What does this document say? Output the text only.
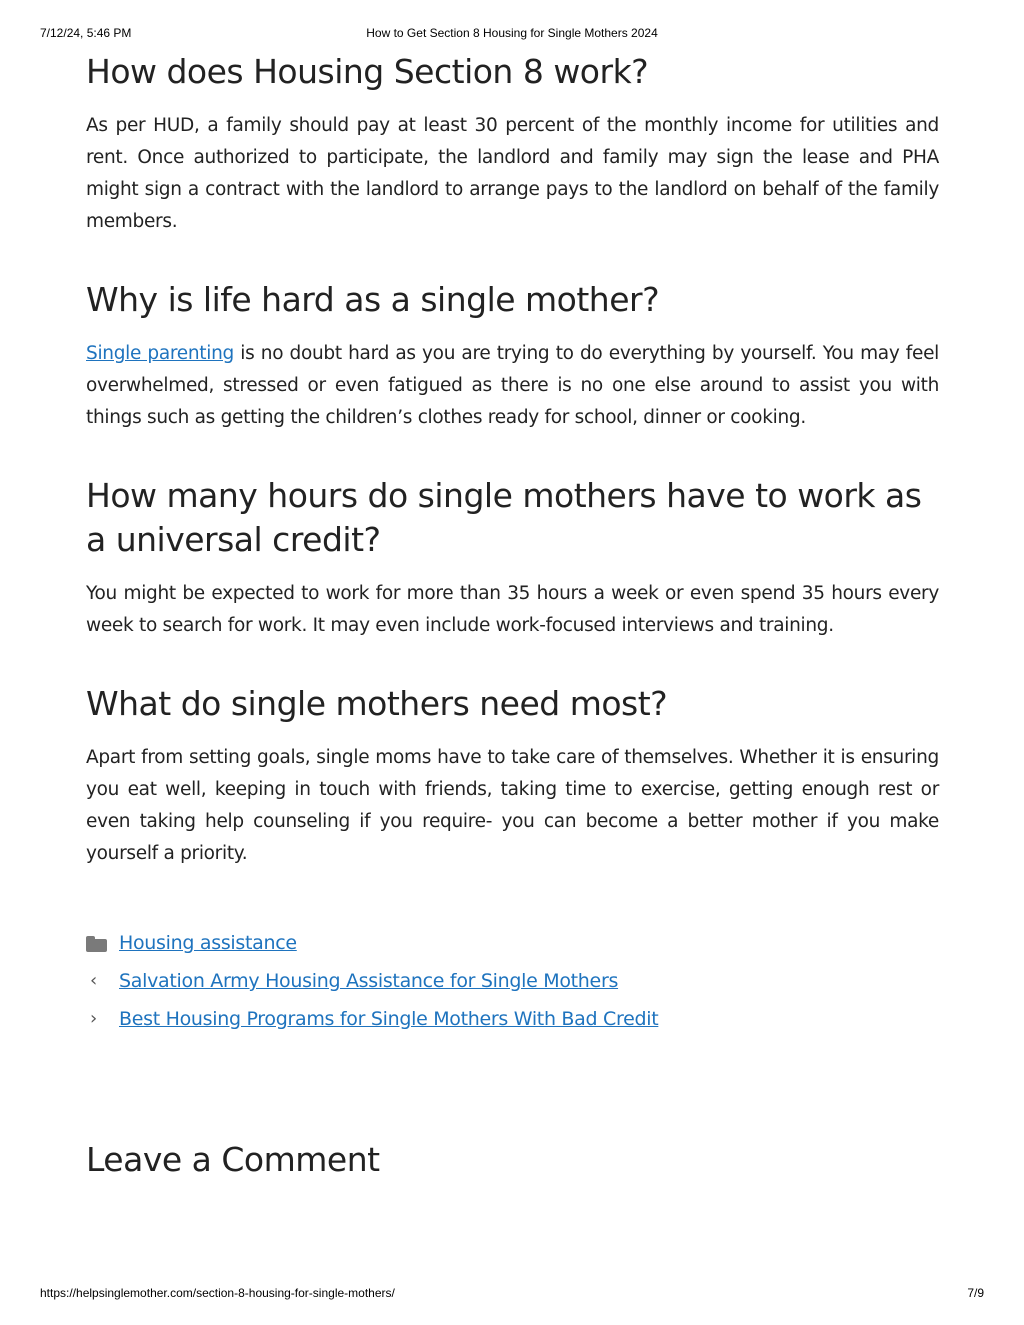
7/12/24, 5:46 PM	How to Get Section 8 Housing for Single Mothers 2024
How does Housing Section 8 work?

As per HUD, a family should pay at least 30 percent of the monthly income for utilities and rent. Once authorized to participate, the landlord and family may sign the lease and PHA might sign a contract with the landlord to arrange pays to the landlord on behalf of the family members.

Why is life hard as a single mother?

Single parenting is no doubt hard as you are trying to do everything by yourself. You may feel overwhelmed, stressed or even fatigued as there is no one else around to assist you with things such as getting the children’s clothes ready for school, dinner or cooking.

How many hours do single mothers have to work as a universal credit?

You might be expected to work for more than 35 hours a week or even spend 35 hours every week to search for work. It may even include work-focused interviews and training.

What do single mothers need most?

Apart from setting goals, single moms have to take care of themselves. Whether it is ensuring you eat well, keeping in touch with friends, taking time to exercise, getting enough rest or even taking help counseling if you require- you can become a better mother if you make yourself a priority.

Housing assistance
‹ Salvation Army Housing Assistance for Single Mothers
› Best Housing Programs for Single Mothers With Bad Credit
Leave a Comment
https://helpsinglemother.com/section-8-housing-for-single-mothers/	7/9
